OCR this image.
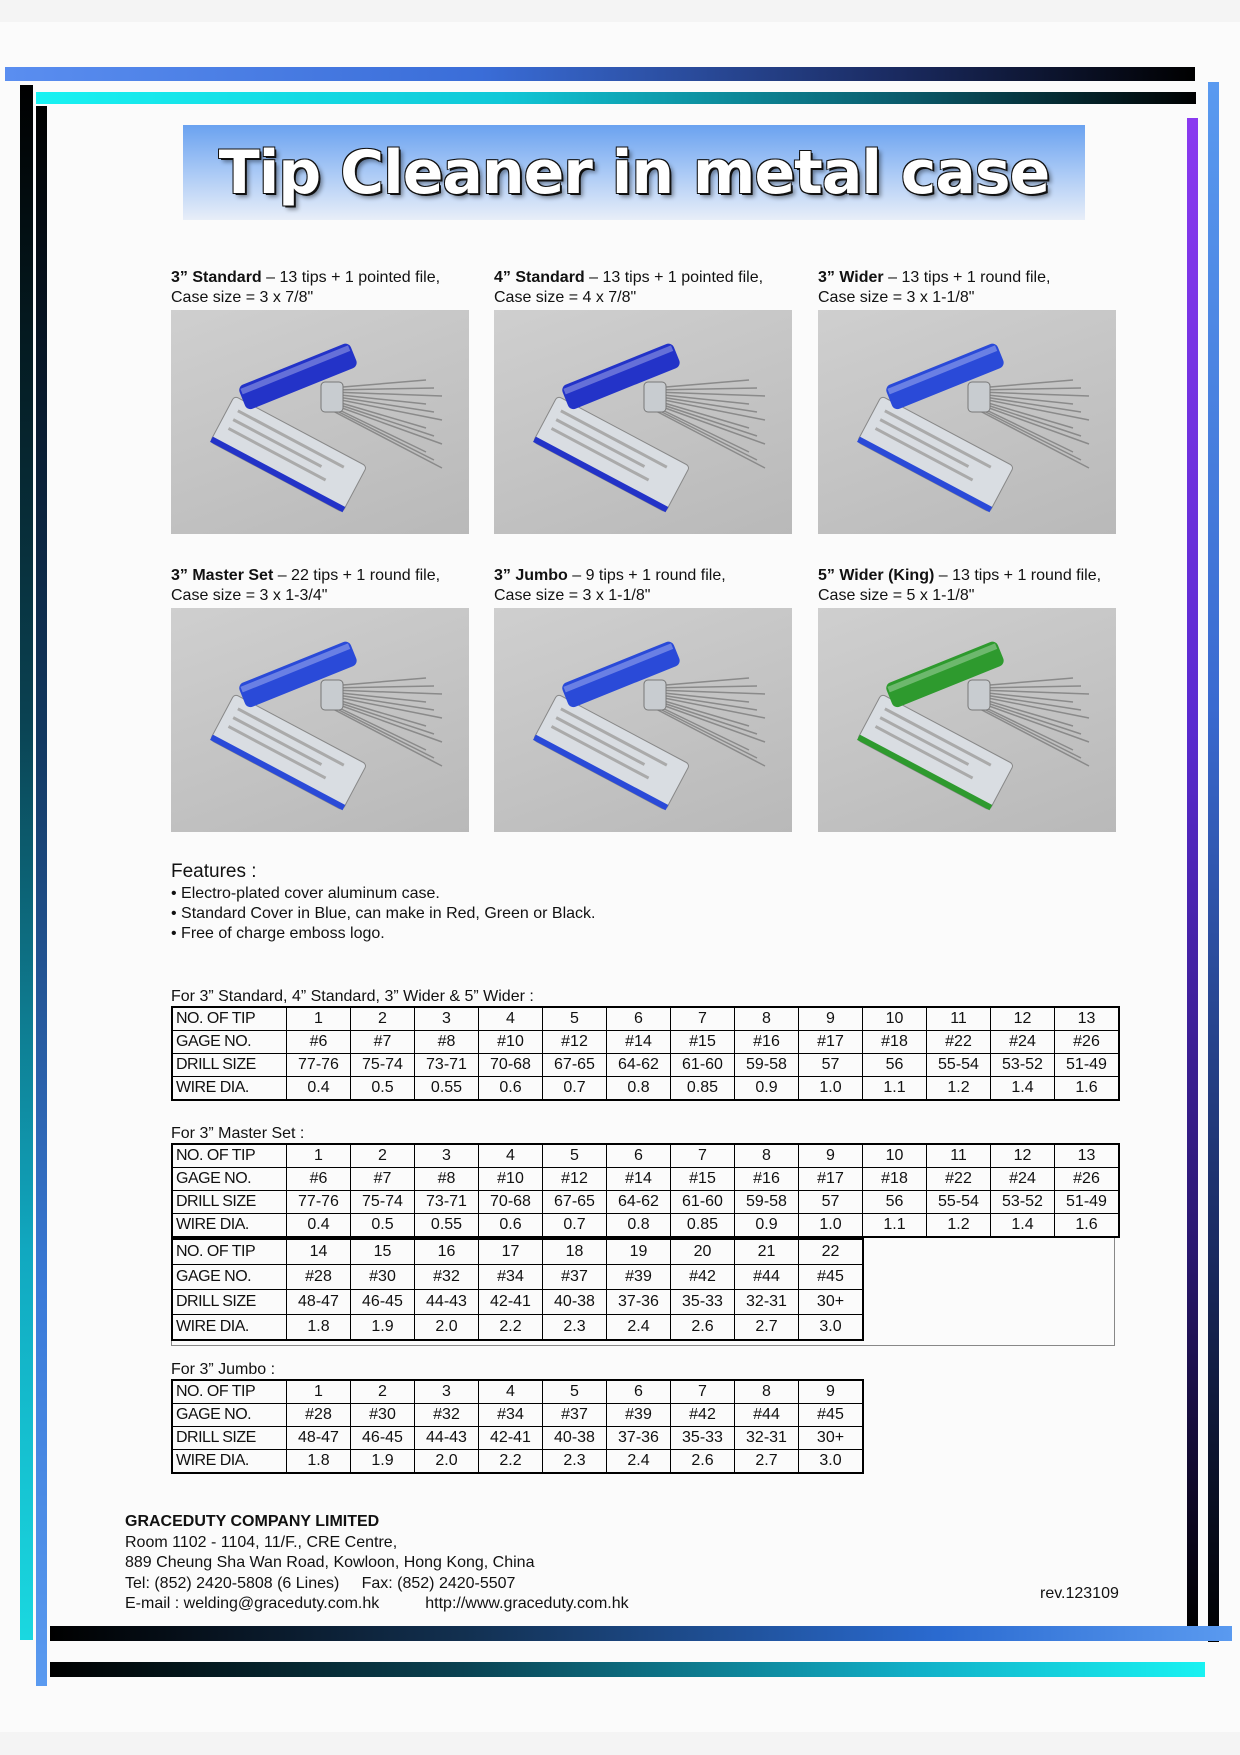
Tip Cleaner in metal case
3” Standard – 13 tips + 1 pointed file,
Case size = 3 x 7/8"
4” Standard – 13 tips + 1 pointed file,
Case size = 4 x 7/8"
3” Wider – 13 tips + 1 round file,
Case size = 3 x 1-1/8"
3” Master Set – 22 tips + 1 round file,
Case size = 3 x 1-3/4"
3” Jumbo – 9 tips + 1 round file,
Case size = 3 x 1-1/8"
5” Wider (King) – 13 tips + 1 round file,
Case size = 5 x 1-1/8"
Features :
• Electro-plated cover aluminum case.
• Standard Cover in Blue, can make in Red, Green or Black.
• Free of charge emboss logo.
For 3” Standard, 4” Standard, 3” Wider & 5” Wider :
NO. OF TIP	1	2	3	4	5	6	7	8	9	10	11	12	13
GAGE NO.	#6	#7	#8	#10	#12	#14	#15	#16	#17	#18	#22	#24	#26
DRILL SIZE	77-76	75-74	73-71	70-68	67-65	64-62	61-60	59-58	57	56	55-54	53-52	51-49
WIRE DIA.	0.4	0.5	0.55	0.6	0.7	0.8	0.85	0.9	1.0	1.1	1.2	1.4	1.6
For 3” Master Set :
NO. OF TIP	1	2	3	4	5	6	7	8	9	10	11	12	13
GAGE NO.	#6	#7	#8	#10	#12	#14	#15	#16	#17	#18	#22	#24	#26
DRILL SIZE	77-76	75-74	73-71	70-68	67-65	64-62	61-60	59-58	57	56	55-54	53-52	51-49
WIRE DIA.	0.4	0.5	0.55	0.6	0.7	0.8	0.85	0.9	1.0	1.1	1.2	1.4	1.6
NO. OF TIP	14	15	16	17	18	19	20	21	22
GAGE NO.	#28	#30	#32	#34	#37	#39	#42	#44	#45
DRILL SIZE	48-47	46-45	44-43	42-41	40-38	37-36	35-33	32-31	30+
WIRE DIA.	1.8	1.9	2.0	2.2	2.3	2.4	2.6	2.7	3.0
For 3” Jumbo :
NO. OF TIP	1	2	3	4	5	6	7	8	9
GAGE NO.	#28	#30	#32	#34	#37	#39	#42	#44	#45
DRILL SIZE	48-47	46-45	44-43	42-41	40-38	37-36	35-33	32-31	30+
WIRE DIA.	1.8	1.9	2.0	2.2	2.3	2.4	2.6	2.7	3.0
GRACEDUTY COMPANY LIMITED
Room 1102 - 1104, 11/F., CRE Centre,
889 Cheung Sha Wan Road, Kowloon, Hong Kong, China
Tel: (852) 2420-5808 (6 Lines)     Fax: (852) 2420-5507
E-mail : welding@graceduty.com.hk	http://www.graceduty.com.hk
rev.123109
